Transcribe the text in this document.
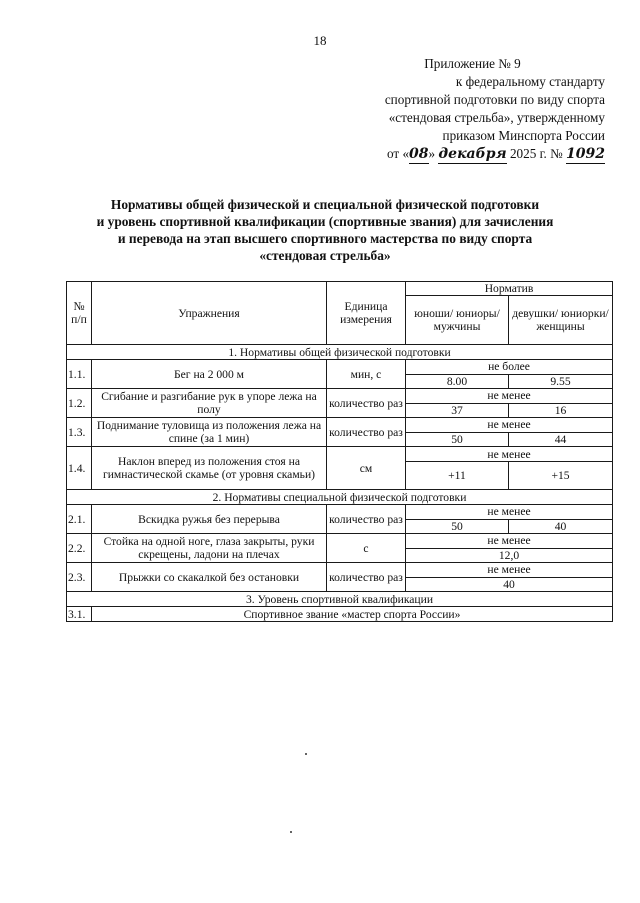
18
Приложение № 9
к федеральному стандарту
спортивной подготовки по виду спорта
«стендовая стрельба», утвержденному
приказом Минспорта России
от «08» декабря 2025 г. № 1092
Нормативы общей физической и специальной физической подготовки
и уровень спортивной квалификации (спортивные звания) для зачисления
и перевода на этап высшего спортивного мастерства по виду спорта
«стендовая стрельба»
№ п/п	Упражнения	Единица измерения	Норматив	
			юноши/ юниоры/ мужчины	девушки/ юниорки/ женщины
1. Нормативы общей физической подготовки				
1.1.	Бег на 2 000 м	мин, с	не более	
			8.00	9.55
1.2.	Сгибание и разгибание рук в упоре лежа на полу	количество раз	не менее	
			37	16
1.3.	Поднимание туловища из положения лежа на спине (за 1 мин)	количество раз	не менее	
			50	44
1.4.	Наклон вперед из положения стоя на гимнастической скамье (от уровня скамьи)	см	не менее	
			+11	+15
2. Нормативы специальной физической подготовки				
2.1.	Вскидка ружья без перерыва	количество раз	не менее	
			50	40
2.2.	Стойка на одной ноге, глаза закрыты, руки скрещены, ладони на плечах	с	не менее	
			12,0	
2.3.	Прыжки со скакалкой без остановки	количество раз	не менее	
			40	
3. Уровень спортивной квалификации				
3.1.	Спортивное звание «мастер спорта России»			
